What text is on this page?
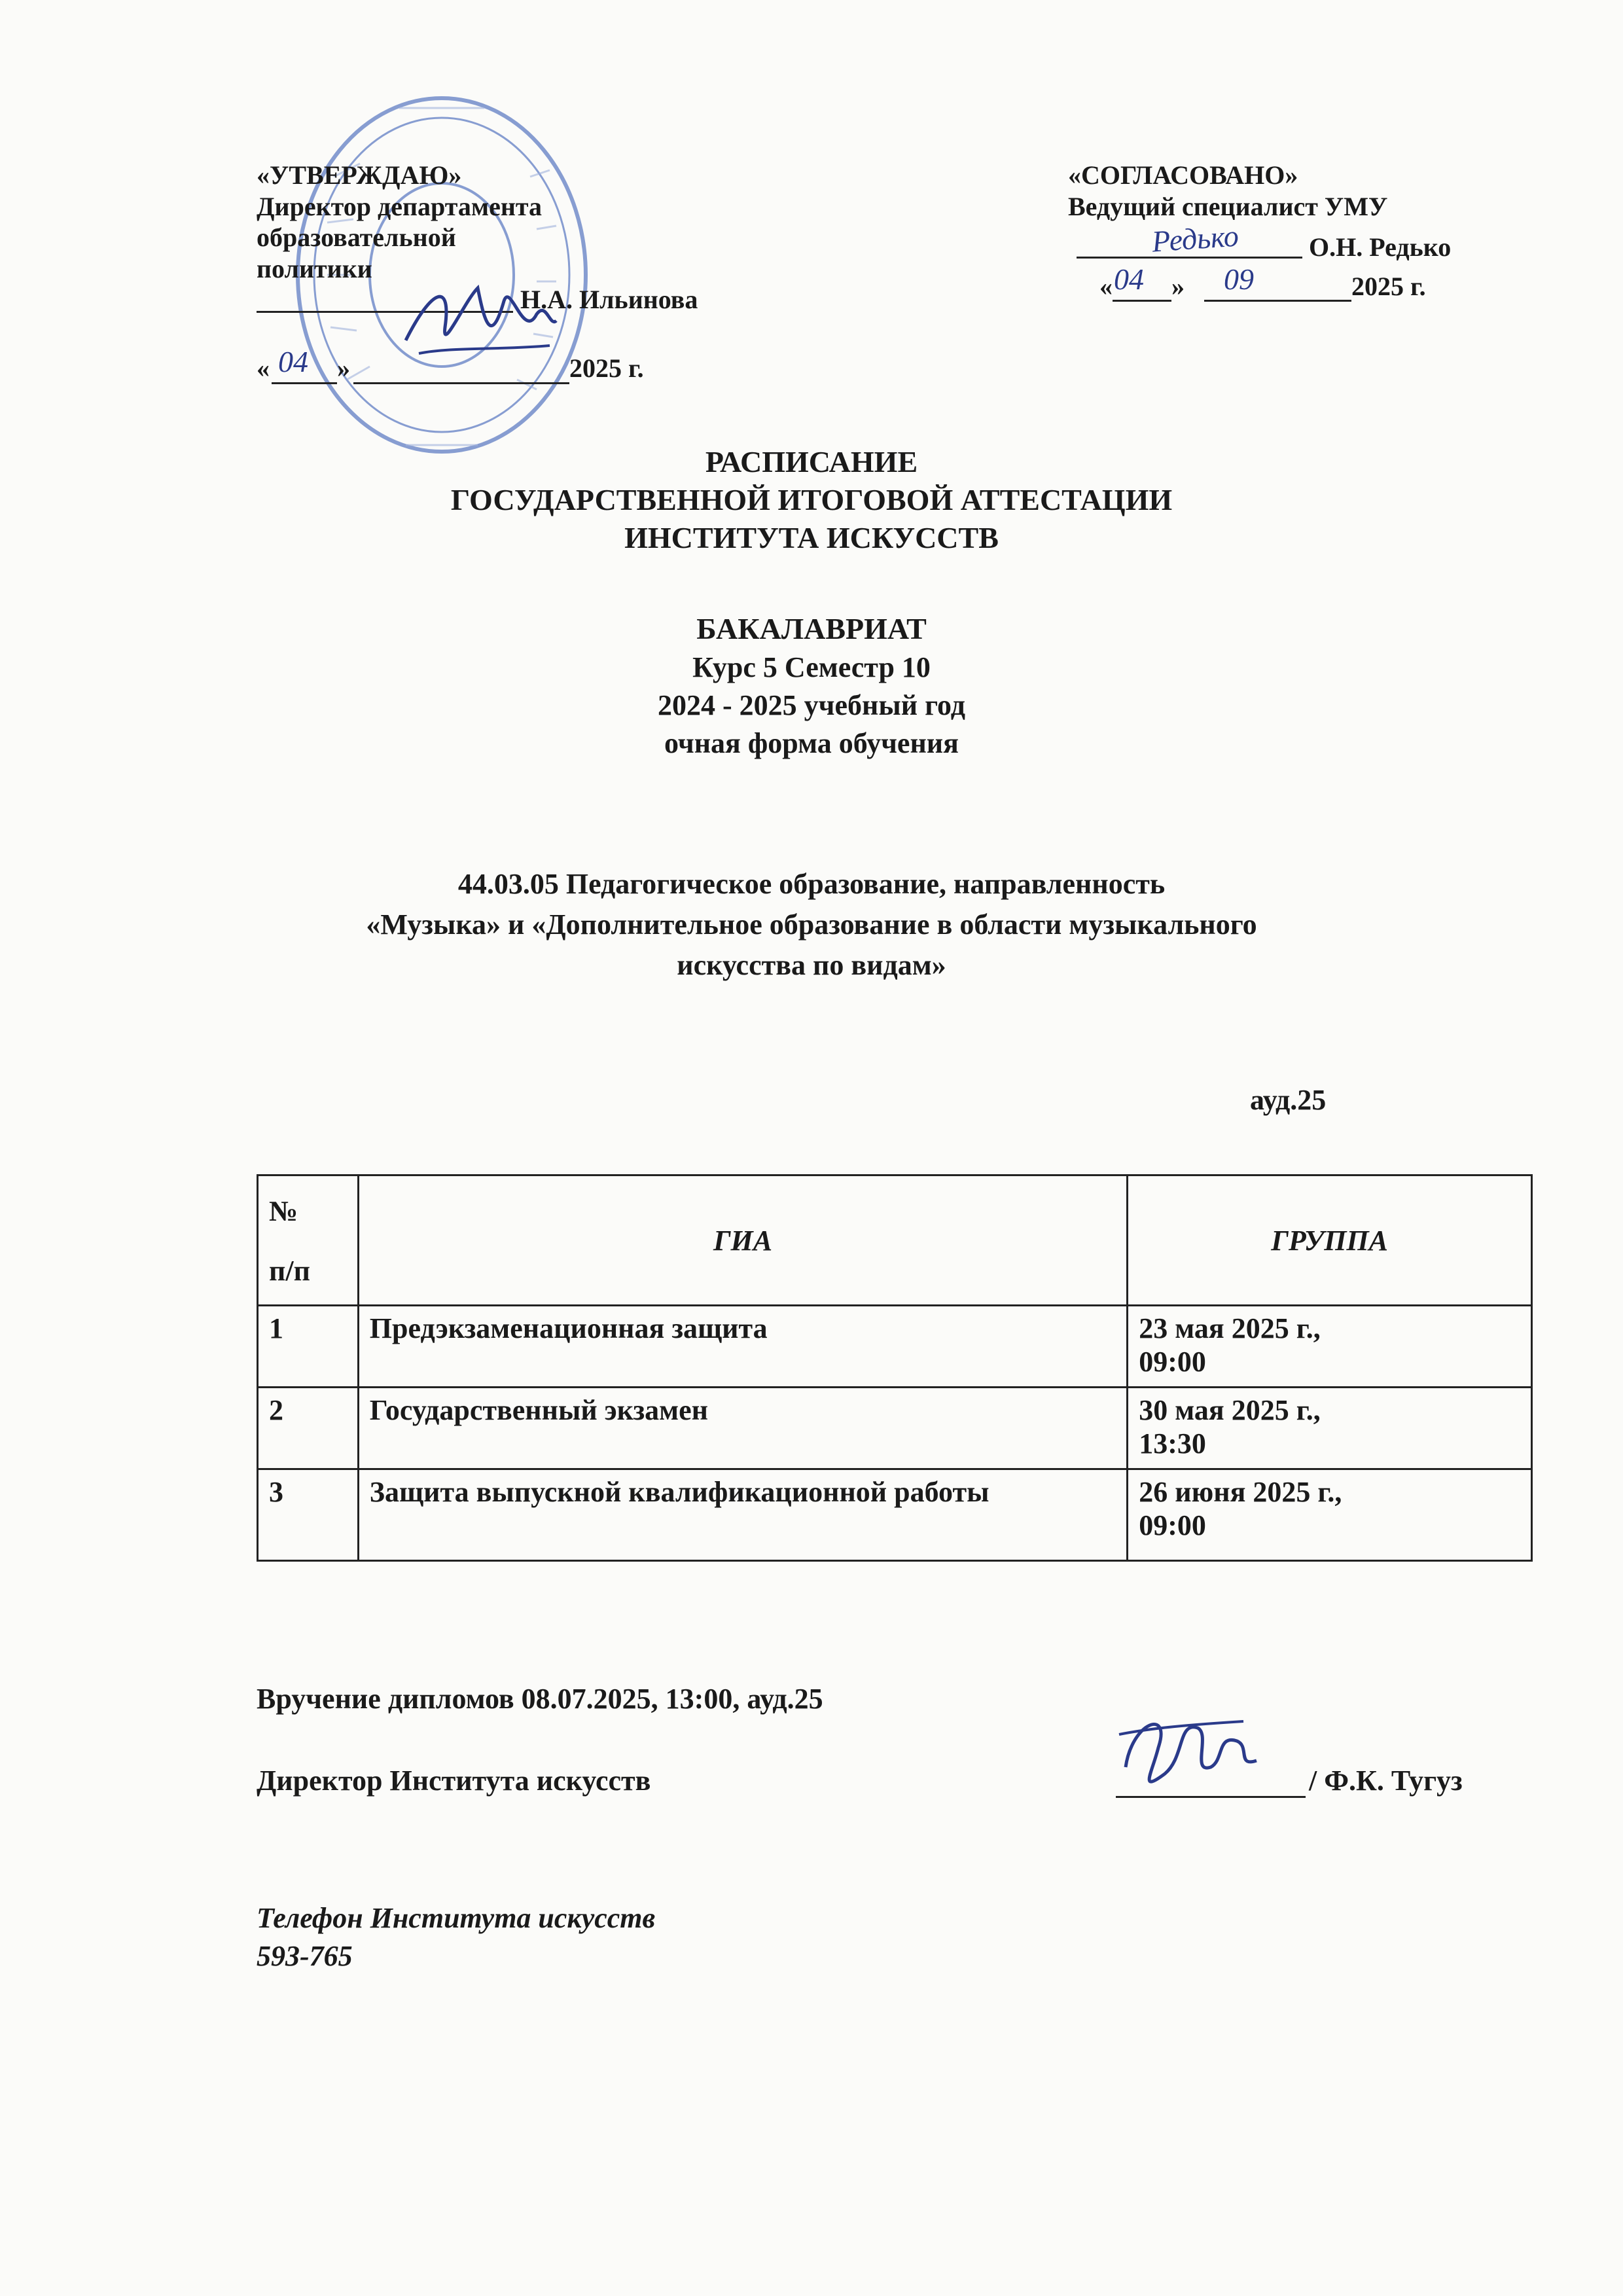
«УТВЕРЖДАЮ»
Директор департамента
образовательной
политики
Н.А. Ильинова
« 04 »	2025 г.
«СОГЛАСОВАНО»
Ведущий специалист УМУ
Редько	О.Н. Редько
« 04 » 09	2025 г.
РАСПИСАНИЕ
ГОСУДАРСТВЕННОЙ ИТОГОВОЙ АТТЕСТАЦИИ
ИНСТИТУТА ИСКУССТВ
БАКАЛАВРИАТ
Курс 5 Семестр 10
2024 - 2025 учебный год
очная форма обучения
44.03.05 Педагогическое образование, направленность
«Музыка» и «Дополнительное образование в области музыкального
искусства по видам»
ауд.25
№
п/п	ГИА	ГРУППА
1	Предэкзаменационная защита	23 мая 2025 г.,
09:00

2	Государственный экзамен	30 мая 2025 г.,
13:30

3	Защита выпускной квалификационной работы	26 июня 2025 г.,
09:00
Вручение дипломов 08.07.2025, 13:00, ауд.25
Директор Института искусств	/ Ф.К. Тугуз
Телефон Института искусств
593-765
